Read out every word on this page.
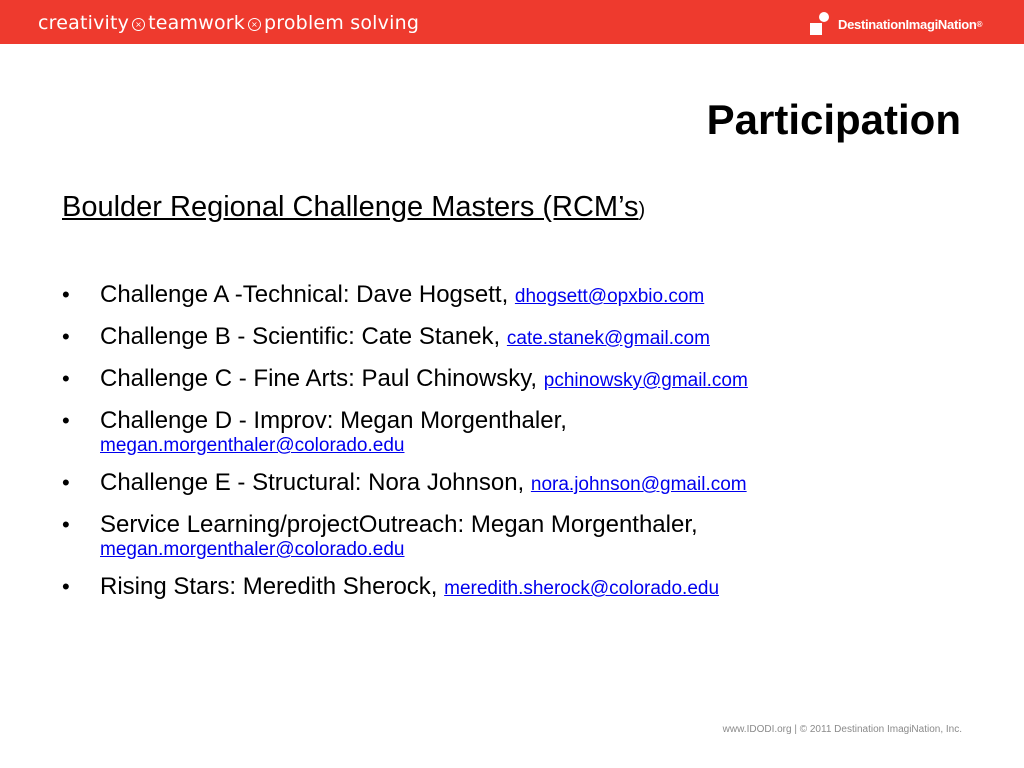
creativity × teamwork × problem solving	DestinationImagiNation ®
Participation
Boulder Regional Challenge Masters (RCM’s)
• Challenge A -Technical: Dave Hogsett, dhogsett@opxbio.com
• Challenge B - Scientific: Cate Stanek, cate.stanek@gmail.com
• Challenge C - Fine Arts: Paul Chinowsky, pchinowsky@gmail.com
• Challenge D - Improv: Megan Morgenthaler,
megan.morgenthaler@colorado.edu
• Challenge E - Structural: Nora Johnson, nora.johnson@gmail.com
• Service Learning/projectOutreach: Megan Morgenthaler,
megan.morgenthaler@colorado.edu
• Rising Stars: Meredith Sherock, meredith.sherock@colorado.edu
www.IDODI.org | © 2011 Destination ImagiNation, Inc.
